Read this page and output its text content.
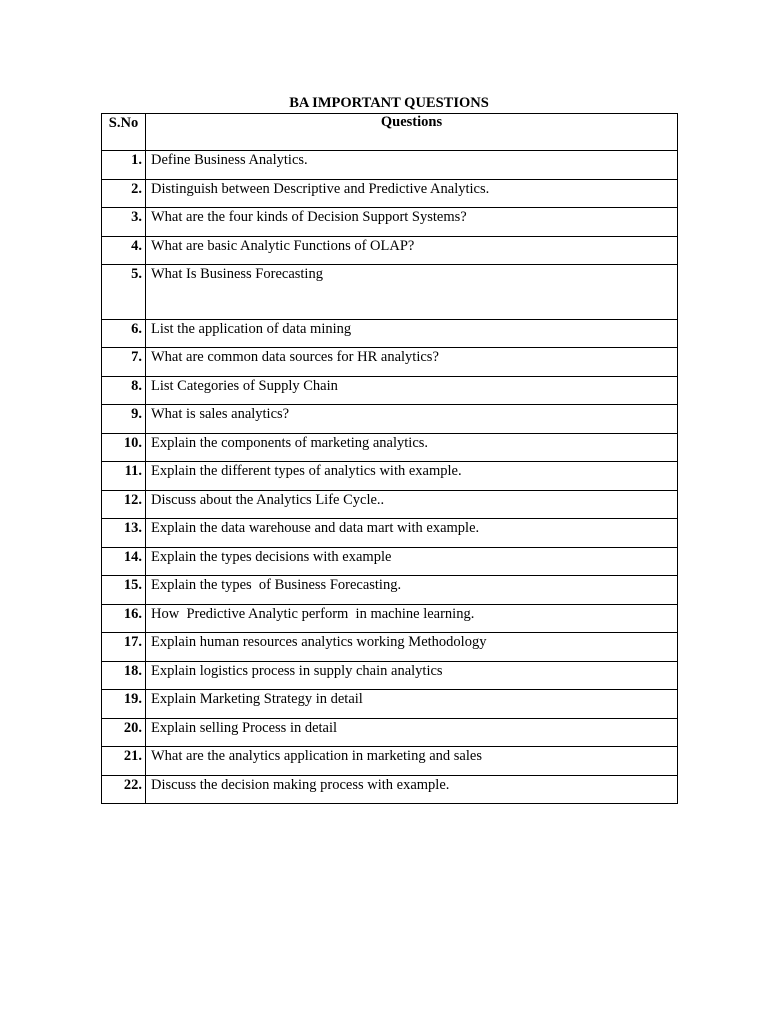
BA IMPORTANT QUESTIONS
S.No	Questions
1.	Define Business Analytics.
2.	Distinguish between Descriptive and Predictive Analytics.
3.	What are the four kinds of Decision Support Systems?
4.	What are basic Analytic Functions of OLAP?
5.	What Is Business Forecasting
6.	List the application of data mining
7.	What are common data sources for HR analytics?
8.	List Categories of Supply Chain
9.	What is sales analytics?
10.	Explain the components of marketing analytics.
11.	Explain the different types of analytics with example.
12.	Discuss about the Analytics Life Cycle..
13.	Explain the data warehouse and data mart with example.
14.	Explain the types decisions with example
15.	Explain the types  of Business Forecasting.
16.	How  Predictive Analytic perform  in machine learning.
17.	Explain human resources analytics working Methodology
18.	Explain logistics process in supply chain analytics
19.	Explain Marketing Strategy in detail
20.	Explain selling Process in detail
21.	What are the analytics application in marketing and sales
22.	Discuss the decision making process with example.
